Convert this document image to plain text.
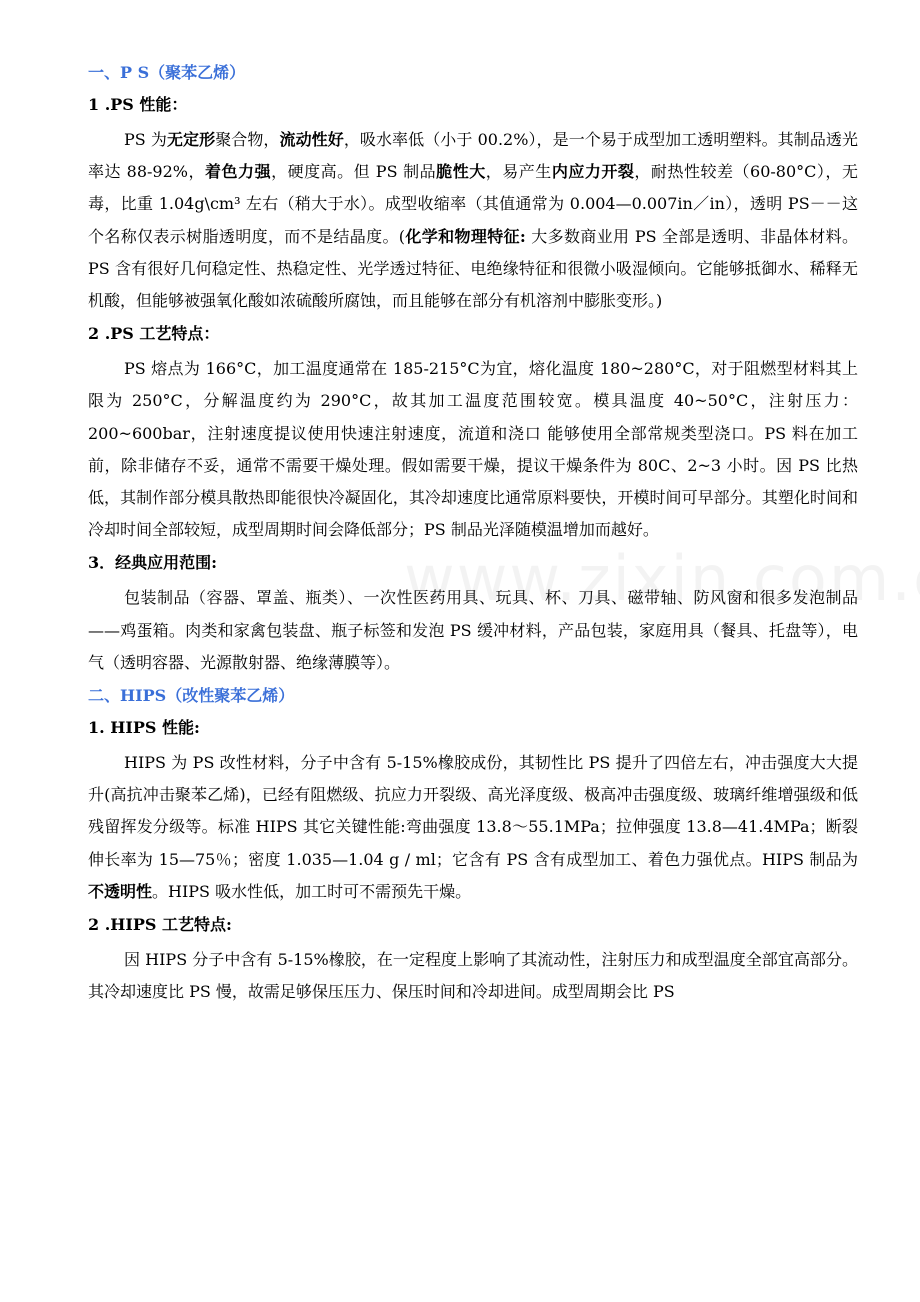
一、P S（聚苯乙烯）
1 .PS 性能：
PS 为无定形聚合物，流动性好，吸水率低（小于 00.2%），是一个易于成型加工透明塑料。其制品透光率达 88-92%，着色力强，硬度高。但 PS 制品脆性大，易产生内应力开裂，耐热性较差（60-80°C），无毒，比重 1.04g\cm³ 左右（稍大于水）。成型收缩率（其值通常为 0.004—0.007in／in），透明 PS－－这个名称仅表示树脂透明度，而不是结晶度。(化学和物理特征: 大多数商业用 PS 全部是透明、非晶体材料。PS 含有很好几何稳定性、热稳定性、光学透过特征、电绝缘特征和很微小吸湿倾向。它能够抵御水、稀释无机酸，但能够被强氧化酸如浓硫酸所腐蚀，而且能够在部分有机溶剂中膨胀变形。)
2 .PS 工艺特点：
PS 熔点为 166°C，加工温度通常在 185-215°C为宜，熔化温度 180~280°C，对于阻燃型材料其上限为 250°C，分解温度约为 290°C，故其加工温度范围较宽。模具温度 40~50°C，注射压力：200~600bar，注射速度提议使用快速注射速度，流道和浇口 能够使用全部常规类型浇口。PS 料在加工前，除非储存不妥，通常不需要干燥处理。假如需要干燥，提议干燥条件为 80C、2~3 小时。因 PS 比热低，其制作部分模具散热即能很快冷凝固化，其冷却速度比通常原料要快，开模时间可早部分。其塑化时间和冷却时间全部较短，成型周期时间会降低部分；PS 制品光泽随模温增加而越好。
3．经典应用范围:
包装制品（容器、罩盖、瓶类）、一次性医药用具、玩具、杯、刀具、磁带轴、防风窗和很多发泡制品——鸡蛋箱。肉类和家禽包装盘、瓶子标签和发泡 PS 缓冲材料，产品包装，家庭用具（餐具、托盘等），电气（透明容器、光源散射器、绝缘薄膜等）。
二、HIPS（改性聚苯乙烯）
1. HIPS 性能:
HIPS 为 PS 改性材料，分子中含有 5-15%橡胶成份，其韧性比 PS 提升了四倍左右，冲击强度大大提升(高抗冲击聚苯乙烯)，已经有阻燃级、抗应力开裂级、高光泽度级、极高冲击强度级、玻璃纤维增强级和低残留挥发分级等。标准 HIPS 其它关键性能:弯曲强度 13.8～55.1MPa；拉伸强度 13.8—41.4MPa；断裂伸长率为 15—75％；密度 1.035—1.04 g / ml；它含有 PS 含有成型加工、着色力强优点。HIPS 制品为不透明性。HIPS 吸水性低，加工时可不需预先干燥。
2 .HIPS 工艺特点:
因 HIPS 分子中含有 5-15%橡胶，在一定程度上影响了其流动性，注射压力和成型温度全部宜高部分。其冷却速度比 PS 慢，故需足够保压压力、保压时间和冷却进间。成型周期会比 PS
